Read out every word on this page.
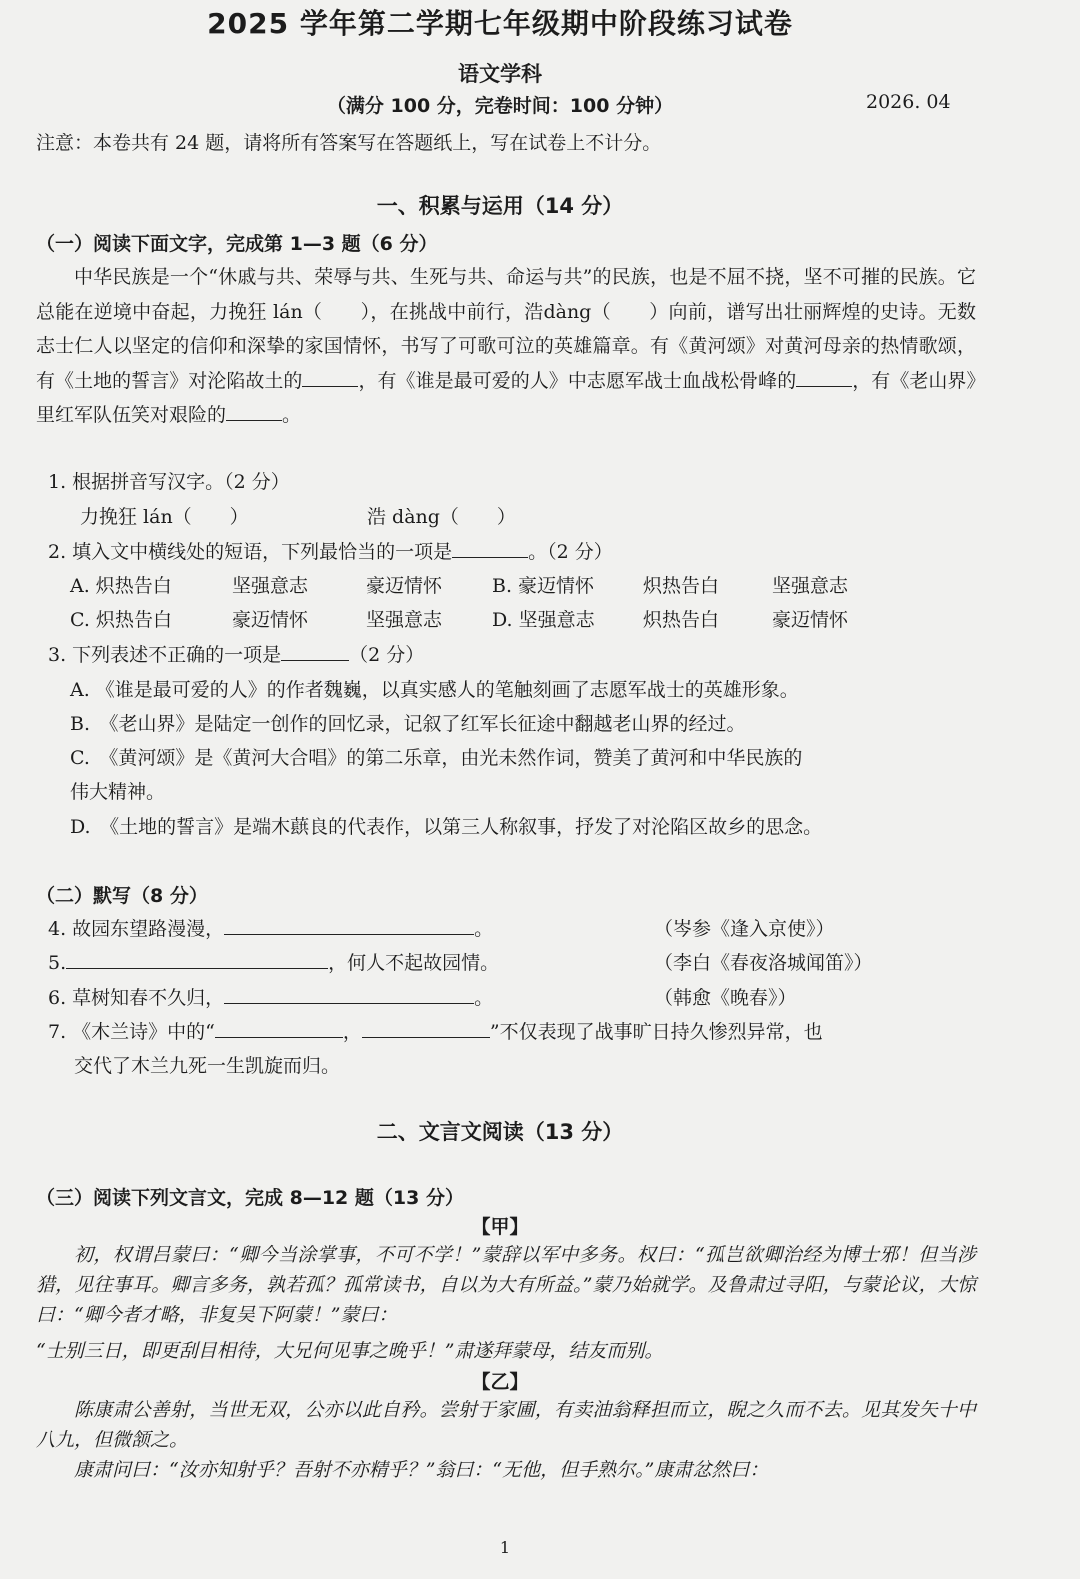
2025 学年第二学期七年级期中阶段练习试卷
语文学科
（满分 100 分，完卷时间：100 分钟）	2026. 04
注意：本卷共有 24 题，请将所有答案写在答题纸上，写在试卷上不计分。
一、积累与运用（14 分）
（一）阅读下面文字，完成第 1—3 题（6 分）
中华民族是一个“休戚与共、荣辱与共、生死与共、命运与共”的民族，也是不屈不挠，坚不可摧的民族。它总能在逆境中奋起，力挽狂 lán（　　），在挑战中前行，浩dàng（　　）向前，谱写出壮丽辉煌的史诗。无数志士仁人以坚定的信仰和深挚的家国情怀，书写了可歌可泣的英雄篇章。有《黄河颂》对黄河母亲的热情歌颂，有《土地的誓言》对沦陷故土的	，有《谁是最可爱的人》中志愿军战士血战松骨峰的	，有《老山界》里红军队伍笑对艰险的	。
1. 根据拼音写汉字。（2 分）
力挽狂 lán（　　）	浩 dàng（　　）
2. 填入文中横线处的短语，下列最恰当的一项是	。（2 分）
A. 炽热告白	坚强意志	豪迈情怀	B. 豪迈情怀	炽热告白	坚强意志
C. 炽热告白	豪迈情怀	坚强意志	D. 坚强意志	炽热告白	豪迈情怀
3. 下列表述不正确的一项是	（2 分）
A. 《谁是最可爱的人》的作者魏巍，以真实感人的笔触刻画了志愿军战士的英雄形象。
B.　《老山界》是陆定一创作的回忆录，记叙了红军长征途中翻越老山界的经过。
C.　《黄河颂》是《黄河大合唱》的第二乐章，由光未然作词，赞美了黄河和中华民族的
伟大精神。
D.　《土地的誓言》是端木蕻良的代表作，以第三人称叙事，抒发了对沦陷区故乡的思念。
（二）默写（8 分）
4. 故园东望路漫漫，	。	（岑参《逢入京使》）
5.	，何人不起故园情。	（李白《春夜洛城闻笛》）
6. 草树知春不久归，	。	（韩愈《晚春》）
7. 《木兰诗》中的“	，	”不仅表现了战事旷日持久惨烈异常，也
交代了木兰九死一生凯旋而归。
二、文言文阅读（13 分）
（三）阅读下列文言文，完成 8—12 题（13 分）
【甲】
初，权谓吕蒙曰：“卿今当涂掌事，不可不学！”蒙辞以军中多务。权曰：“孤岂欲卿治经为博士邪！但当涉猎，见往事耳。卿言多务，孰若孤？孤常读书，自以为大有所益。”蒙乃始就学。及鲁肃过寻阳，与蒙论议，大惊曰：“卿今者才略，非复吴下阿蒙！”蒙曰：
“士别三日，即更刮目相待，大兄何见事之晚乎！”肃遂拜蒙母，结友而别。
【乙】
陈康肃公善射，当世无双，公亦以此自矜。尝射于家圃，有卖油翁释担而立，睨之久而不去。见其发矢十中八九，但微颔之。
康肃问曰：“汝亦知射乎？吾射不亦精乎？”翁曰：“无他，但手熟尔。”康肃忿然曰：
1
